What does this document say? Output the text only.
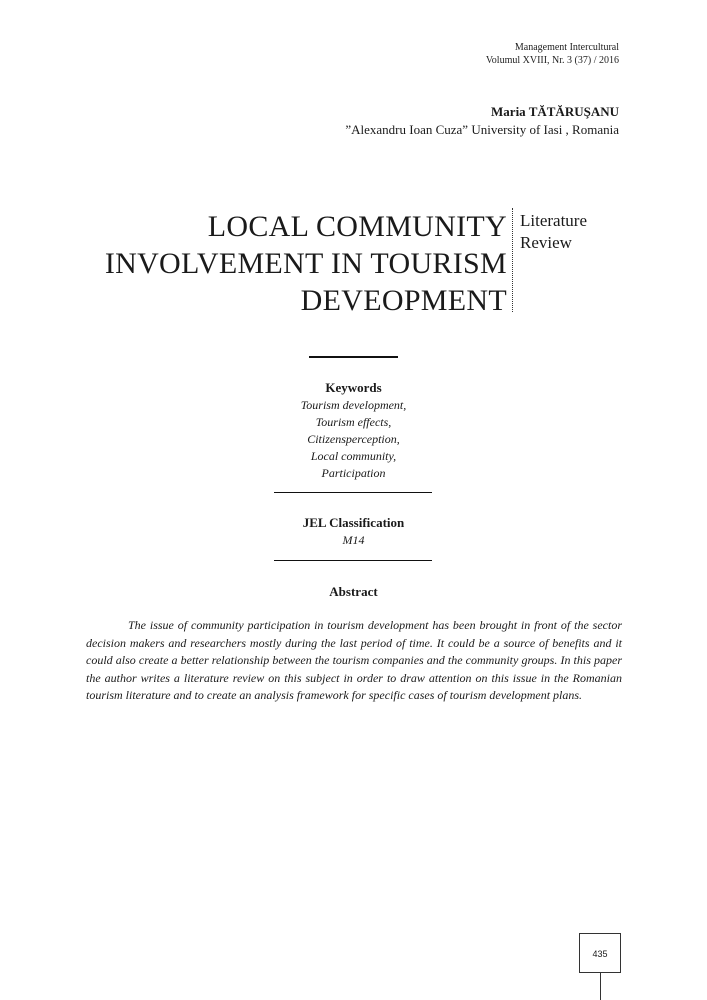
Management Intercultural
Volumul XVIII, Nr. 3 (37) / 2016
Maria TĂTĂRUŞANU
”Alexandru Ioan Cuza” University of Iasi , Romania
LOCAL COMMUNITY
INVOLVEMENT IN TOURISM
DEVEOPMENT
Literature
Review
Keywords
Tourism development,
Tourism effects,
Citizensperception,
Local community,
Participation
JEL Classification
M14
Abstract

The issue of community participation in tourism development has been brought in front of the sector decision makers and researchers mostly during the last period of time. It could be a source of benefits and it could also create a better relationship between the tourism companies and the community groups. In this paper the author writes a literature review on this subject in order to draw attention on this issue in the Romanian tourism literature and to create an analysis framework for specific cases of tourism development plans.

435
